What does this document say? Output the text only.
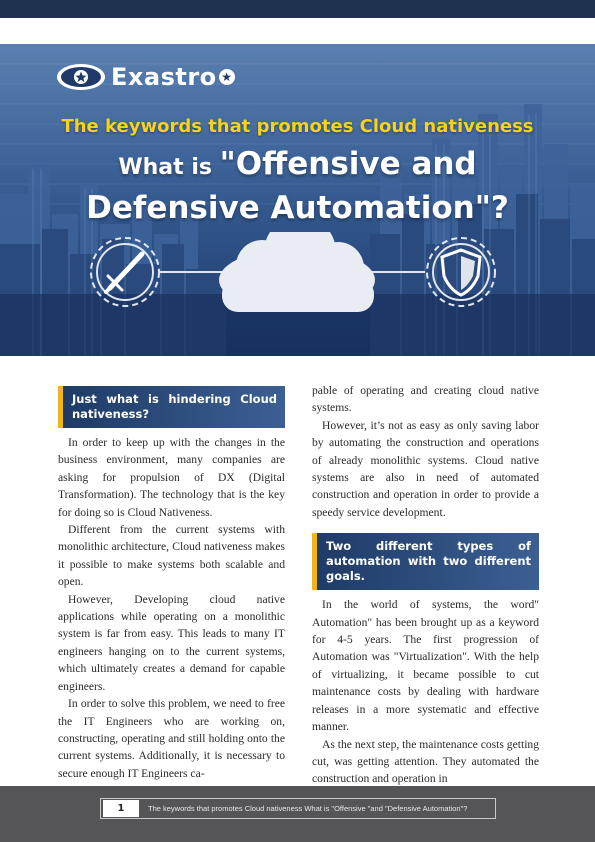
Exastro ★
The keywords that promotes Cloud nativeness
What is "Offensive and
Defensive Automation"?
Just what is hindering Cloud nativeness?

In order to keep up with the changes in the business environment, many companies are asking for propulsion of DX (Digital Transformation). The technology that is the key for doing so is Cloud Nativeness.

Different from the current systems with monolithic architecture, Cloud nativeness makes it possible to make systems both scalable and open.

However, Developing cloud native applications while operating on a monolithic system is far from easy. This leads to many IT engineers hanging on to the current systems, which ultimately creates a demand for capable engineers.

In order to solve this problem, we need to free the IT Engineers who are working on, constructing, operating and still holding onto the current systems. Additionally, it is necessary to secure enough IT Engineers ca-

pable of operating and creating cloud native systems.

However, it’s not as easy as only saving labor by automating the construction and operations of already monolithic systems. Cloud native systems are also in need of automated construction and operation in order to provide a speedy service development.

Two different types of automation with two different goals.

In the world of systems, the word" Automation" has been brought up as a keyword for 4-5 years. The first progression of Automation was "Virtualization". With the help of virtualizing, it became possible to cut maintenance costs by dealing with hardware releases in a more systematic and effective manner.

As the next step, the maintenance costs getting cut, was getting attention. They automated the construction and operation in

1	The keywords that promotes Cloud nativeness What is "Offensive "and "Defensive Automation"?
